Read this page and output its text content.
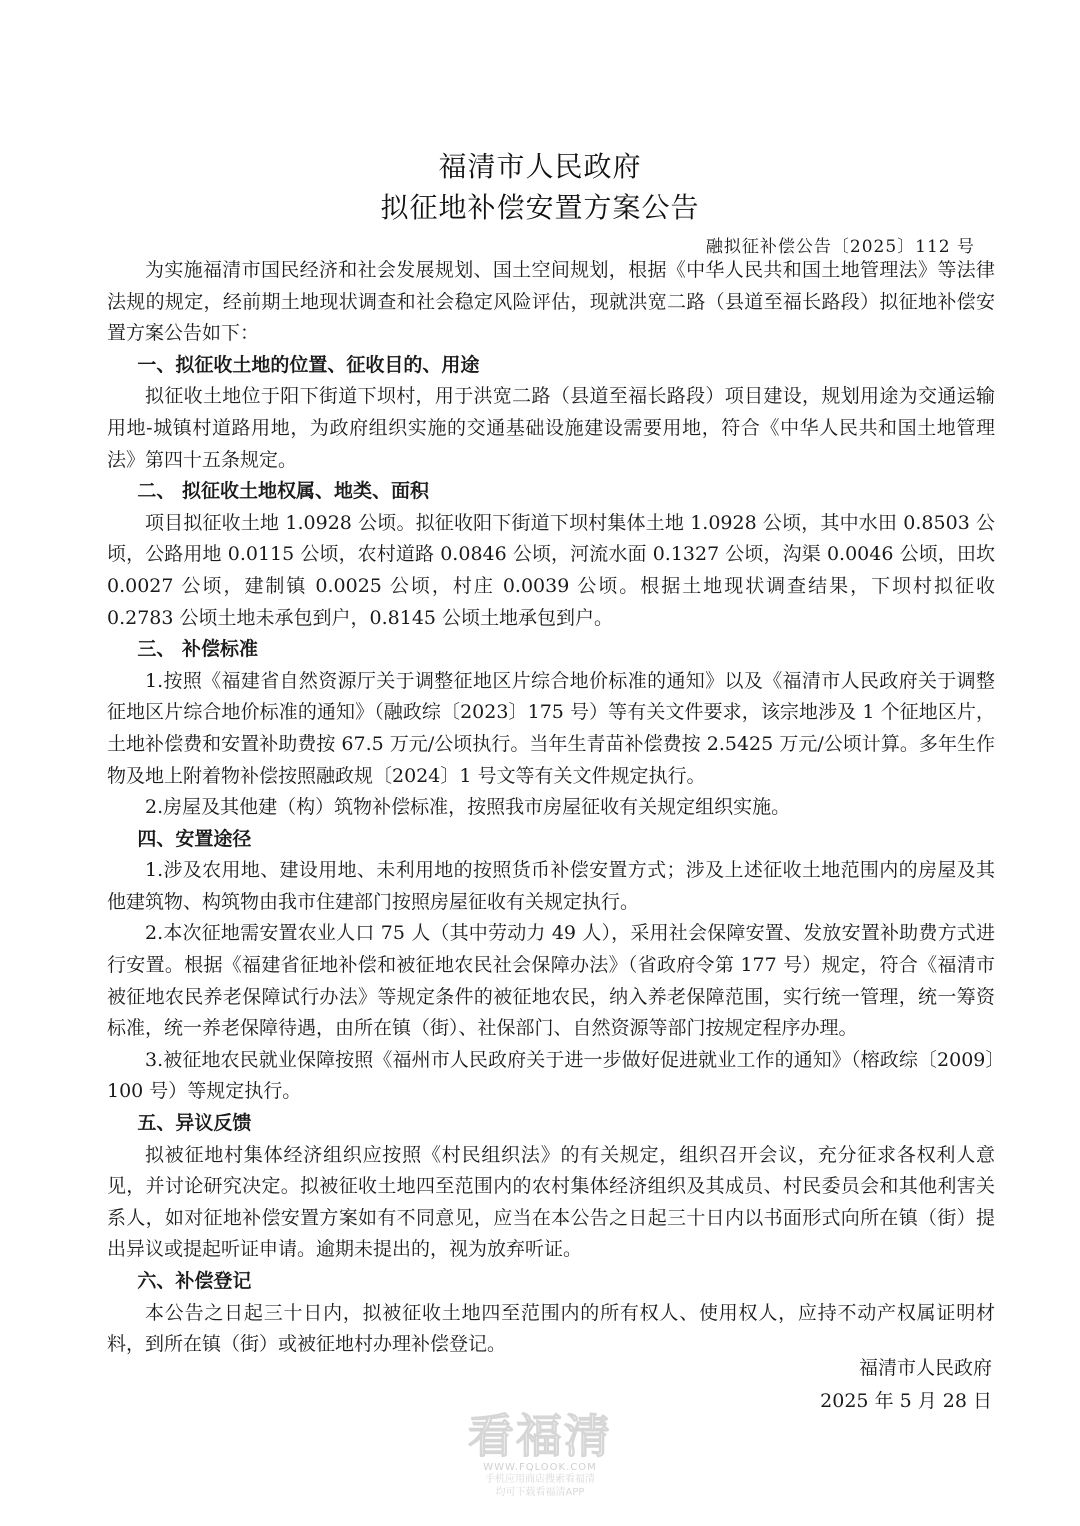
福清市人民政府
拟征地补偿安置方案公告
融拟征补偿公告〔2025〕112 号

为实施福清市国民经济和社会发展规划、国土空间规划，根据《中华人民共和国土地管理法》等法律法规的规定，经前期土地现状调查和社会稳定风险评估，现就洪宽二路（县道至福长路段）拟征地补偿安置方案公告如下：

一、拟征收土地的位置、征收目的、用途

拟征收土地位于阳下街道下坝村，用于洪宽二路（县道至福长路段）项目建设，规划用途为交通运输用地-城镇村道路用地，为政府组织实施的交通基础设施建设需要用地，符合《中华人民共和国土地管理法》第四十五条规定。

二、 拟征收土地权属、地类、面积

项目拟征收土地 1.0928 公顷。拟征收阳下街道下坝村集体土地 1.0928 公顷，其中水田 0.8503 公顷，公路用地 0.0115 公顷，农村道路 0.0846 公顷，河流水面 0.1327 公顷，沟渠 0.0046 公顷，田坎 0.0027 公顷，建制镇 0.0025 公顷，村庄 0.0039 公顷。根据土地现状调查结果，下坝村拟征收 0.2783 公顷土地未承包到户，0.8145 公顷土地承包到户。

三、 补偿标准

1.按照《福建省自然资源厅关于调整征地区片综合地价标准的通知》以及《福清市人民政府关于调整征地区片综合地价标准的通知》（融政综〔2023〕175 号）等有关文件要求，该宗地涉及 1 个征地区片，土地补偿费和安置补助费按 67.5 万元/公顷执行。当年生青苗补偿费按 2.5425 万元/公顷计算。多年生作物及地上附着物补偿按照融政规〔2024〕1 号文等有关文件规定执行。

2.房屋及其他建（构）筑物补偿标准，按照我市房屋征收有关规定组织实施。

四、安置途径

1.涉及农用地、建设用地、未利用地的按照货币补偿安置方式；涉及上述征收土地范围内的房屋及其他建筑物、构筑物由我市住建部门按照房屋征收有关规定执行。

2.本次征地需安置农业人口 75 人（其中劳动力 49 人），采用社会保障安置、发放安置补助费方式进行安置。根据《福建省征地补偿和被征地农民社会保障办法》（省政府令第 177 号）规定，符合《福清市被征地农民养老保障试行办法》等规定条件的被征地农民，纳入养老保障范围，实行统一管理，统一筹资标准，统一养老保障待遇，由所在镇（街）、社保部门、自然资源等部门按规定程序办理。

3.被征地农民就业保障按照《福州市人民政府关于进一步做好促进就业工作的通知》（榕政综〔2009〕100 号）等规定执行。

五、异议反馈

拟被征地村集体经济组织应按照《村民组织法》的有关规定，组织召开会议，充分征求各权利人意见，并讨论研究决定。拟被征收土地四至范围内的农村集体经济组织及其成员、村民委员会和其他利害关系人，如对征地补偿安置方案如有不同意见，应当在本公告之日起三十日内以书面形式向所在镇（街）提出异议或提起听证申请。逾期未提出的，视为放弃听证。

六、补偿登记

本公告之日起三十日内，拟被征收土地四至范围内的所有权人、使用权人，应持不动产权属证明材料，到所在镇（街）或被征地村办理补偿登记。

福清市人民政府
2025 年 5 月 28 日
看福清
WWW.FQLOOK.COM
手机应用商店搜索看福清
均可下载看福清APP
